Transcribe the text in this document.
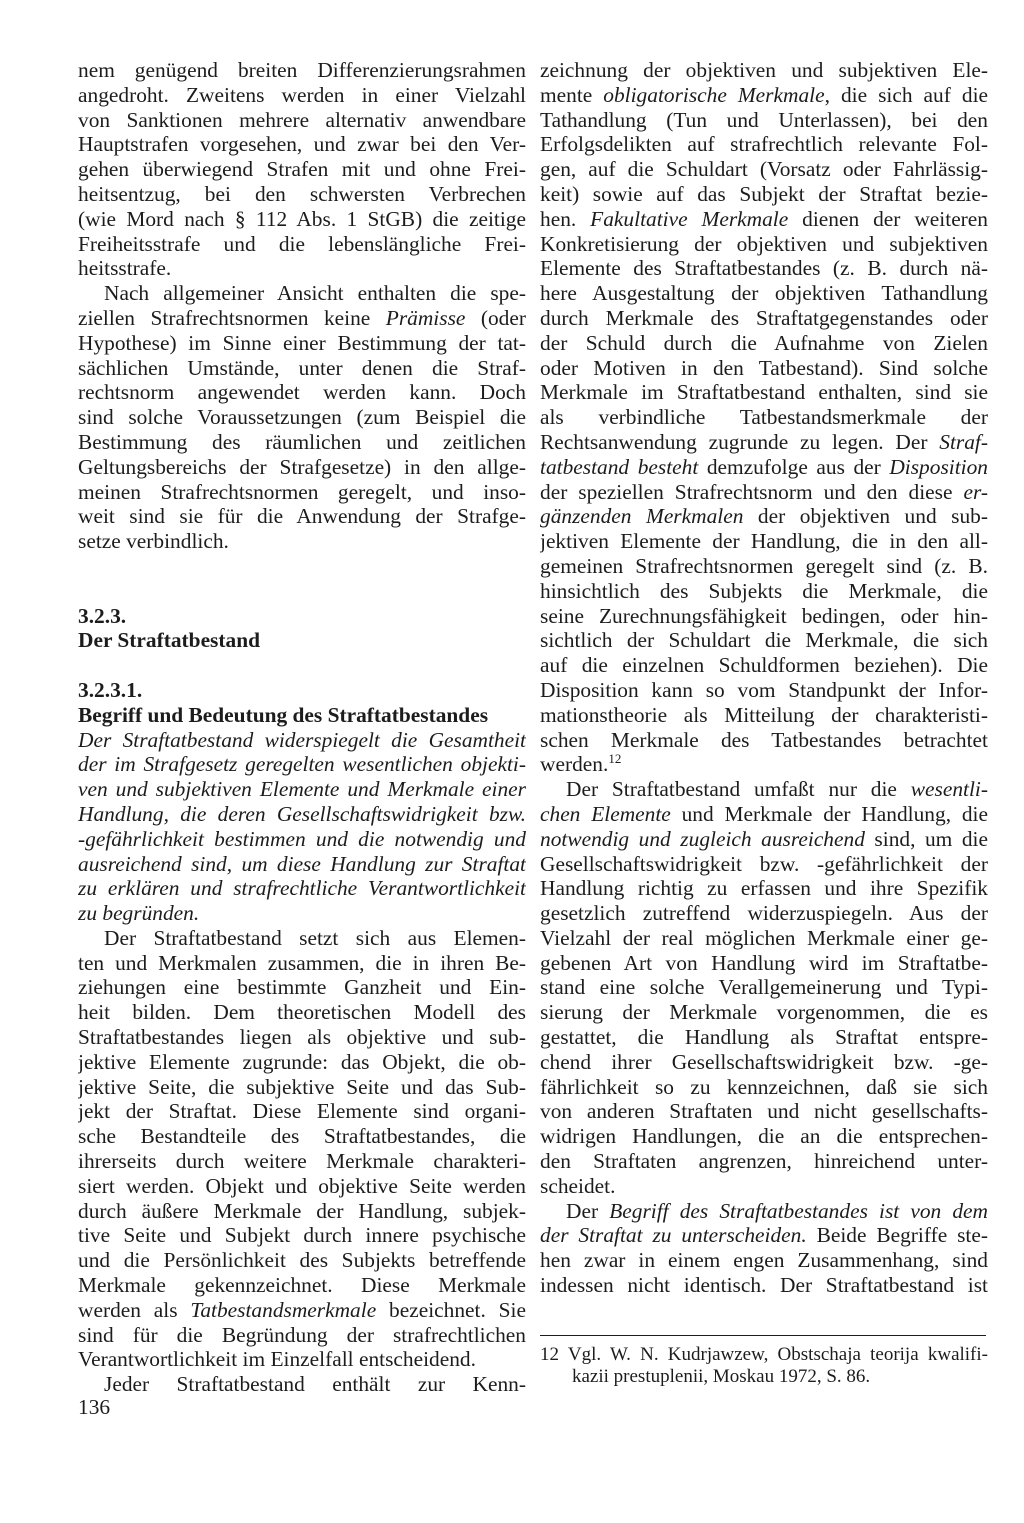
nem genügend breiten Differenzierungsrahmen
angedroht. Zweitens werden in einer Vielzahl
von Sanktionen mehrere alternativ anwendbare
Hauptstrafen vorgesehen, und zwar bei den Ver-
gehen überwiegend Strafen mit und ohne Frei-
heitsentzug, bei den schwersten Verbrechen
(wie Mord nach § 112 Abs. 1 StGB) die zeitige
Freiheitsstrafe und die lebenslängliche Frei-
heitsstrafe.
Nach allgemeiner Ansicht enthalten die spe-
ziellen Strafrechtsnormen keine Prämisse (oder
Hypothese) im Sinne einer Bestimmung der tat-
sächlichen Umstände, unter denen die Straf-
rechtsnorm angewendet werden kann. Doch
sind solche Voraussetzungen (zum Beispiel die
Bestimmung des räumlichen und zeitlichen
Geltungsbereichs der Strafgesetze) in den allge-
meinen Strafrechtsnormen geregelt, und inso-
weit sind sie für die Anwendung der Strafge-
setze verbindlich.
3.2.3.
Der Straftatbestand
3.2.3.1.
Begriff und Bedeutung des Straftatbestandes
Der Straftatbestand widerspiegelt die Gesamtheit
der im Strafgesetz geregelten wesentlichen objekti-
ven und subjektiven Elemente und Merkmale einer
Handlung, die deren Gesellschaftswidrigkeit bzw.
-gefährlichkeit bestimmen und die notwendig und
ausreichend sind, um diese Handlung zur Straftat
zu erklären und strafrechtliche Verantwortlichkeit
zu begründen.
Der Straftatbestand setzt sich aus Elemen-
ten und Merkmalen zusammen, die in ihren Be-
ziehungen eine bestimmte Ganzheit und Ein-
heit bilden. Dem theoretischen Modell des
Straftatbestandes liegen als objektive und sub-
jektive Elemente zugrunde: das Objekt, die ob-
jektive Seite, die subjektive Seite und das Sub-
jekt der Straftat. Diese Elemente sind organi-
sche Bestandteile des Straftatbestandes, die
ihrerseits durch weitere Merkmale charakteri-
siert werden. Objekt und objektive Seite werden
durch äußere Merkmale der Handlung, subjek-
tive Seite und Subjekt durch innere psychische
und die Persönlichkeit des Subjekts betreffende
Merkmale gekennzeichnet. Diese Merkmale
werden als Tatbestandsmerkmale bezeichnet. Sie
sind für die Begründung der strafrechtlichen
Verantwortlichkeit im Einzelfall entscheidend.
Jeder Straftatbestand enthält zur Kenn-
zeichnung der objektiven und subjektiven Ele-
mente obligatorische Merkmale, die sich auf die
Tathandlung (Tun und Unterlassen), bei den
Erfolgsdelikten auf strafrechtlich relevante Fol-
gen, auf die Schuldart (Vorsatz oder Fahrlässig-
keit) sowie auf das Subjekt der Straftat bezie-
hen. Fakultative Merkmale dienen der weiteren
Konkretisierung der objektiven und subjektiven
Elemente des Straftatbestandes (z. B. durch nä-
here Ausgestaltung der objektiven Tathandlung
durch Merkmale des Straftatgegenstandes oder
der Schuld durch die Aufnahme von Zielen
oder Motiven in den Tatbestand). Sind solche
Merkmale im Straftatbestand enthalten, sind sie
als verbindliche Tatbestandsmerkmale der
Rechtsanwendung zugrunde zu legen. Der Straf-
tatbestand besteht demzufolge aus der Disposition
der speziellen Strafrechtsnorm und den diese er-
gänzenden Merkmalen der objektiven und sub-
jektiven Elemente der Handlung, die in den all-
gemeinen Strafrechtsnormen geregelt sind (z. B.
hinsichtlich des Subjekts die Merkmale, die
seine Zurechnungsfähigkeit bedingen, oder hin-
sichtlich der Schuldart die Merkmale, die sich
auf die einzelnen Schuldformen beziehen). Die
Disposition kann so vom Standpunkt der Infor-
mationstheorie als Mitteilung der charakteristi-
schen Merkmale des Tatbestandes betrachtet
werden.$^{12}$
Der Straftatbestand umfaßt nur die wesentli-
chen Elemente und Merkmale der Handlung, die
notwendig und zugleich ausreichend sind, um die
Gesellschaftswidrigkeit bzw. -gefährlichkeit der
Handlung richtig zu erfassen und ihre Spezifik
gesetzlich zutreffend widerzuspiegeln. Aus der
Vielzahl der real möglichen Merkmale einer ge-
gebenen Art von Handlung wird im Straftatbe-
stand eine solche Verallgemeinerung und Typi-
sierung der Merkmale vorgenommen, die es
gestattet, die Handlung als Straftat entspre-
chend ihrer Gesellschaftswidrigkeit bzw. -ge-
fährlichkeit so zu kennzeichnen, daß sie sich
von anderen Straftaten und nicht gesellschafts-
widrigen Handlungen, die an die entsprechen-
den Straftaten angrenzen, hinreichend unter-
scheidet.
Der Begriff des Straftatbestandes ist von dem
der Straftat zu unterscheiden. Beide Begriffe ste-
hen zwar in einem engen Zusammenhang, sind
indessen nicht identisch. Der Straftatbestand ist
12 Vgl. W. N. Kudrjawzew, Obstschaja teorija kwalifi-
kazii prestuplenii, Moskau 1972, S. 86.
136
